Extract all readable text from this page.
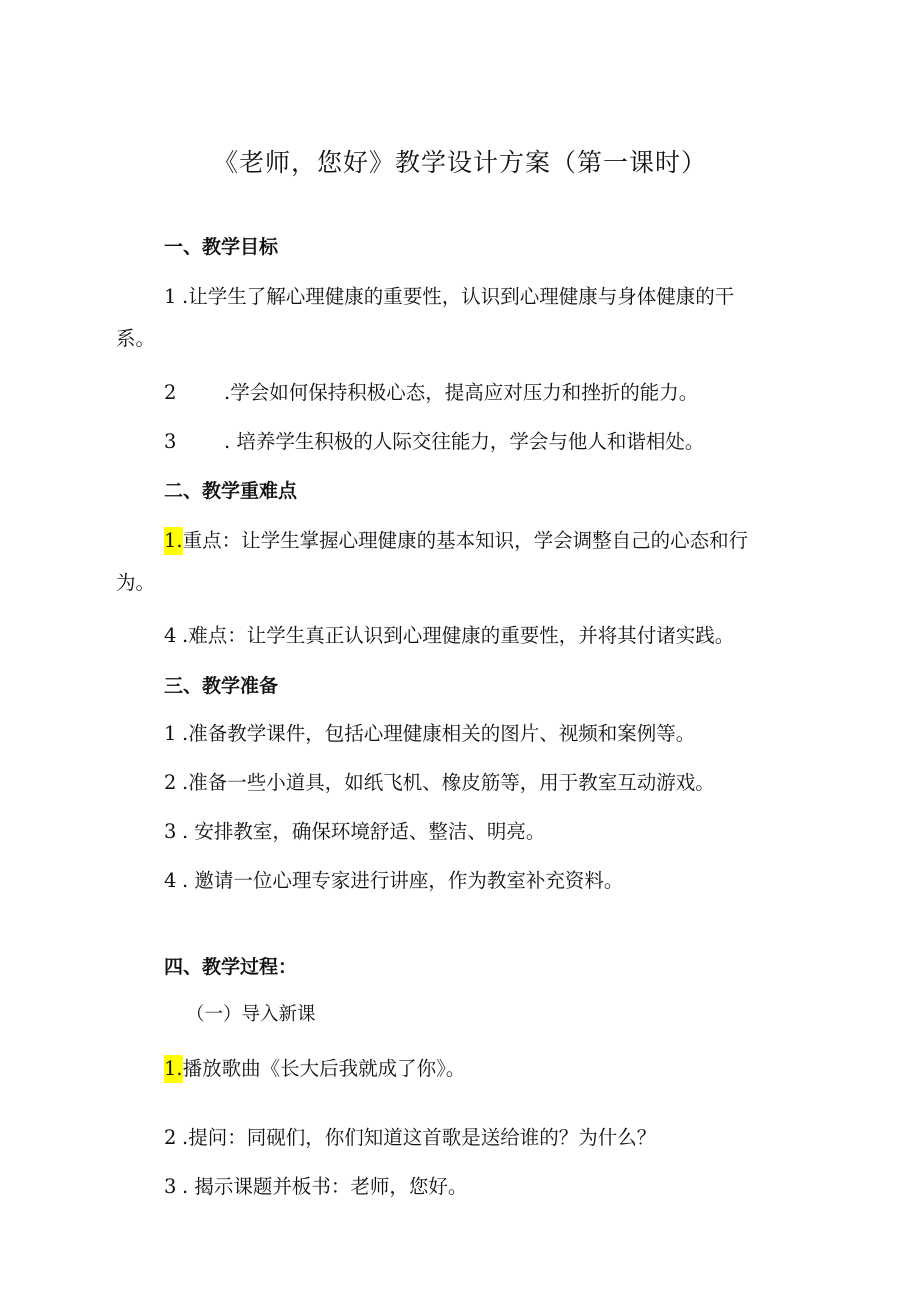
《老师，您好》教学设计方案（第一课时）
一、教学目标

1 .让学生了解心理健康的重要性，认识到心理健康与身体健康的干
系。

2 .学会如何保持积极心态，提高应对压力和挫折的能力。

3 . 培养学生积极的人际交往能力，学会与他人和谐相处。

二、教学重难点

1.重点：让学生掌握心理健康的基本知识，学会调整自己的心态和行
为。

4 .难点：让学生真正认识到心理健康的重要性，并将其付诸实践。

三、教学准备

1 .准备教学课件，包括心理健康相关的图片、视频和案例等。

2 .准备一些小道具，如纸飞机、橡皮筋等，用于教室互动游戏。

3 . 安排教室，确保环境舒适、整洁、明亮。

4 . 邀请一位心理专家进行讲座，作为教室补充资料。

四、教学过程：

（一）导入新课

1.播放歌曲《长大后我就成了你》。

2 .提问：同砚们，你们知道这首歌是送给谁的？为什么？

3 . 揭示课题并板书：老师，您好。
